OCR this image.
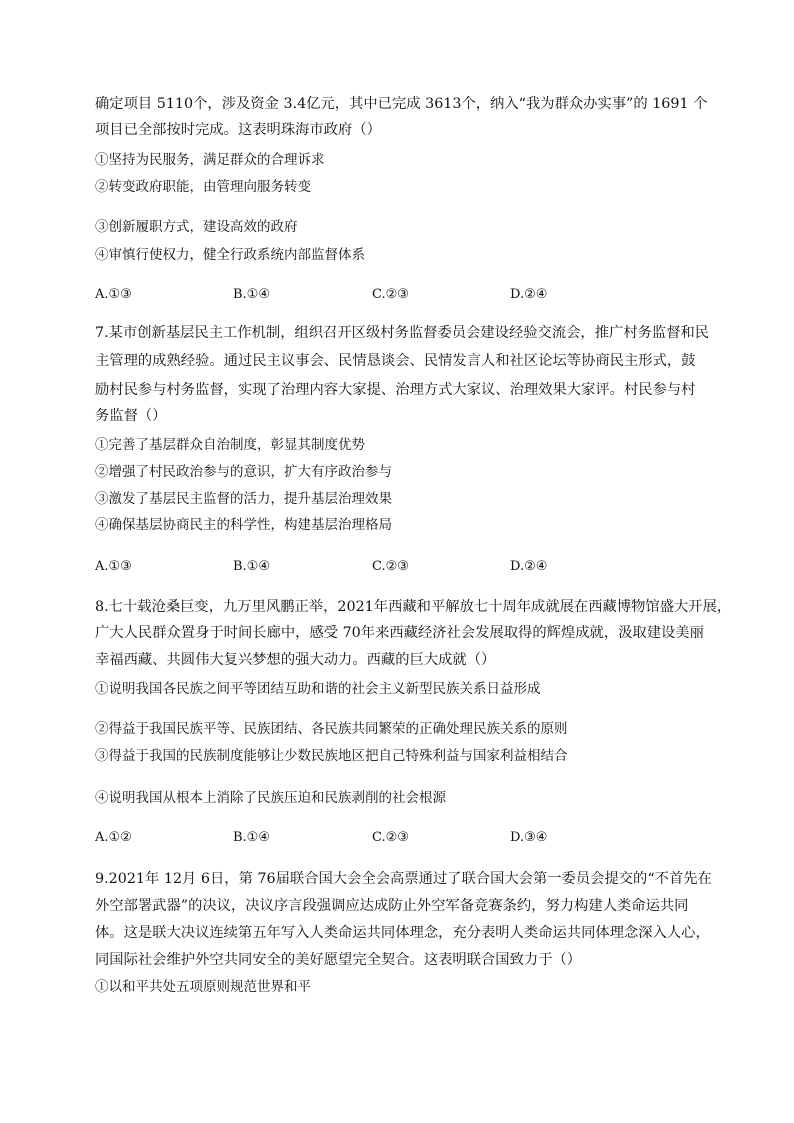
确定项目 5110个，涉及资金 3.4亿元，其中已完成 3613个，纳入“我为群众办实事”的 1691 个
项目已全部按时完成。这表明珠海市政府（）
①坚持为民服务，满足群众的合理诉求
②转变政府职能，由管理向服务转变
③创新履职方式，建设高效的政府
④审慎行使权力，健全行政系统内部监督体系
A.①③	B.①④	C.②③	D.②④
7.某市创新基层民主工作机制，组织召开区级村务监督委员会建设经验交流会，推广村务监督和民
主管理的成熟经验。通过民主议事会、民情恳谈会、民情发言人和社区论坛等协商民主形式，鼓
励村民参与村务监督，实现了治理内容大家提、治理方式大家议、治理效果大家评。村民参与村
务监督（）
①完善了基层群众自治制度，彰显其制度优势
②增强了村民政治参与的意识，扩大有序政治参与
③激发了基层民主监督的活力，提升基层治理效果
④确保基层协商民主的科学性，构建基层治理格局
A.①③	B.①④	C.②③	D.②④
8.七十载沧桑巨变，九万里风鹏正举，2021年西藏和平解放七十周年成就展在西藏博物馆盛大开展，
广大人民群众置身于时间长廊中，感受 70年来西藏经济社会发展取得的辉煌成就，汲取建设美丽
幸福西藏、共圆伟大复兴梦想的强大动力。西藏的巨大成就（）
①说明我国各民族之间平等团结互助和谐的社会主义新型民族关系日益形成
②得益于我国民族平等、民族团结、各民族共同繁荣的正确处理民族关系的原则
③得益于我国的民族制度能够让少数民族地区把自己特殊利益与国家利益相结合
④说明我国从根本上消除了民族压迫和民族剥削的社会根源
A.①②	B.①④	C.②③	D.③④
9.2021年 12月 6日，第 76届联合国大会全会高票通过了联合国大会第一委员会提交的“不首先在
外空部署武器”的决议，决议序言段强调应达成防止外空军备竞赛条约，努力构建人类命运共同
体。这是联大决议连续第五年写入人类命运共同体理念，充分表明人类命运共同体理念深入人心，
同国际社会维护外空共同安全的美好愿望完全契合。这表明联合国致力于（）
①以和平共处五项原则规范世界和平
